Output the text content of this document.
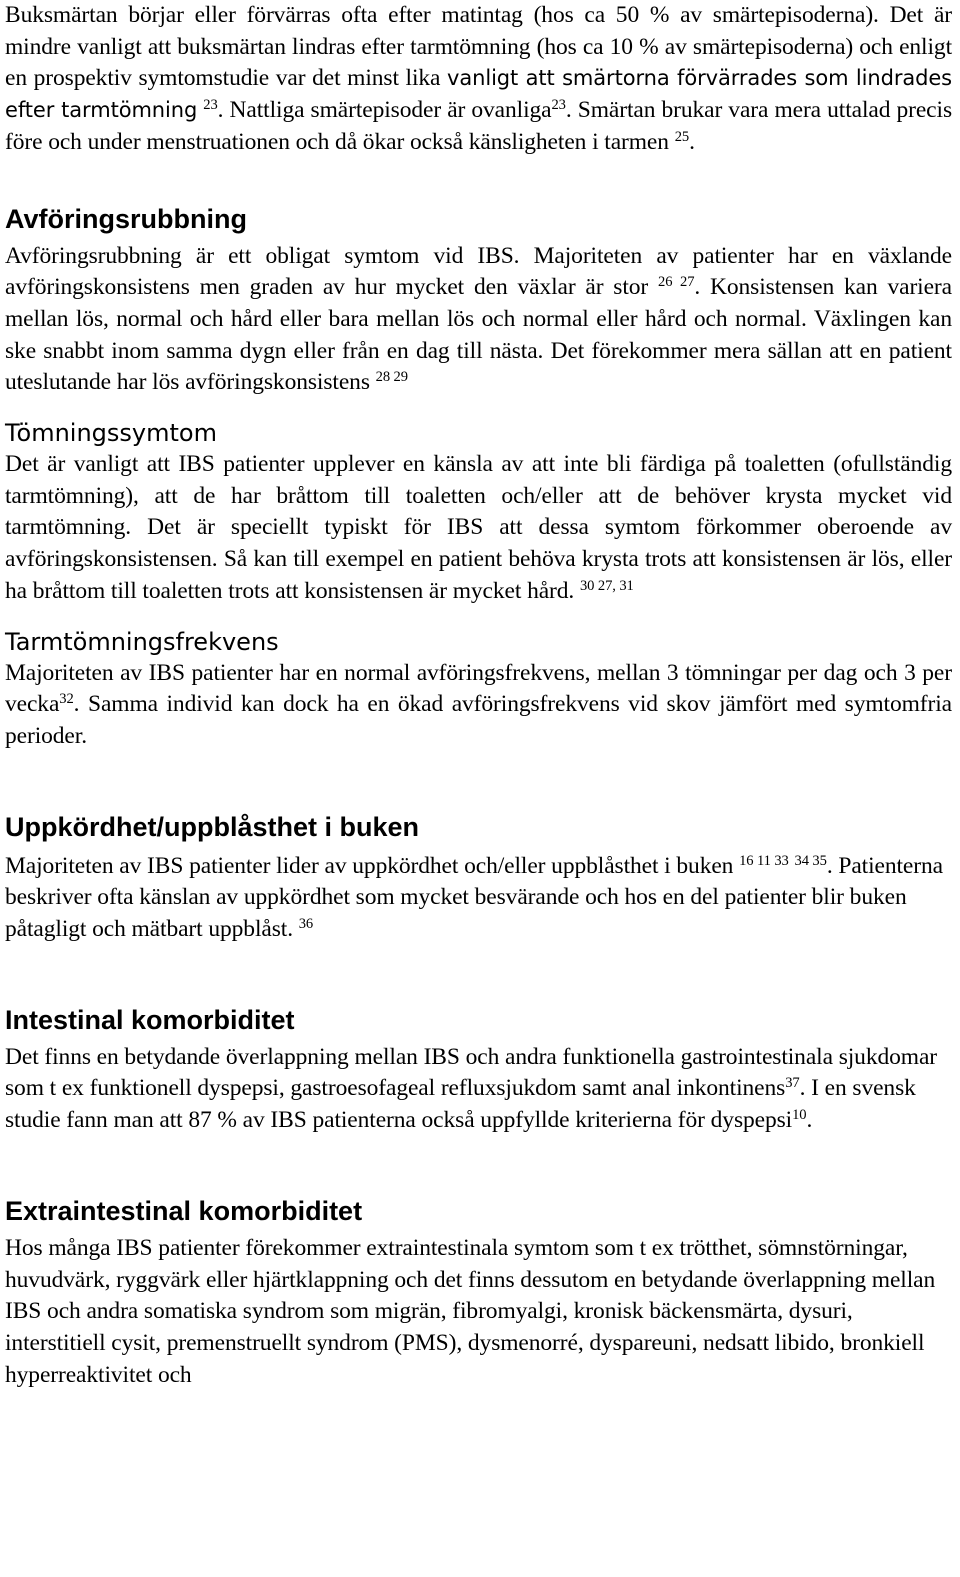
Buksmärtan börjar eller förvärras ofta efter matintag (hos ca 50 % av smärtepisoderna). Det är mindre vanligt att buksmärtan lindras efter tarmtömning (hos ca 10 % av smärtepisoderna) och enligt en prospektiv symtomstudie var det minst lika vanligt att smärtorna förvärrades som lindrades efter tarmtömning $^{23}$. Nattliga smärtepisoder är ovanliga$^{23}$. Smärtan brukar vara mera uttalad precis före och under menstruationen och då ökar också känsligheten i tarmen $^{25}$.

Avföringsrubbning

Avföringsrubbning är ett obligat symtom vid IBS. Majoriteten av patienter har en växlande avföringskonsistens men graden av hur mycket den växlar är stor $^{26 27}$. Konsistensen kan variera mellan lös, normal och hård eller bara mellan lös och normal eller hård och normal. Växlingen kan ske snabbt inom samma dygn eller från en dag till nästa. Det förekommer mera sällan att en patient uteslutande har lös avföringskonsistens $^{28 29}$

Tömningssymtom

Det är vanligt att IBS patienter upplever en känsla av att inte bli färdiga på toaletten (ofullständig tarmtömning), att de har bråttom till toaletten och/eller att de behöver krysta mycket vid tarmtömning. Det är speciellt typiskt för IBS att dessa symtom förkommer oberoende av avföringskonsistensen. Så kan till exempel en patient behöva krysta trots att konsistensen är lös, eller ha bråttom till toaletten trots att konsistensen är mycket hård. $^{30 27, 31}$

Tarmtömningsfrekvens

Majoriteten av IBS patienter har en normal avföringsfrekvens, mellan 3 tömningar per dag och 3 per vecka$^{32}$. Samma individ kan dock ha en ökad avföringsfrekvens vid skov jämfört med symtomfria perioder.

Uppkördhet/uppblåsthet i buken

Majoriteten av IBS patienter lider av uppkördhet och/eller uppblåsthet i buken $^{16 11 33}$ $^{34 35}$. Patienterna beskriver ofta känslan av uppkördhet som mycket besvärande och hos en del patienter blir buken påtagligt och mätbart uppblåst. $^{36}$

Intestinal komorbiditet

Det finns en betydande överlappning mellan IBS och andra funktionella gastrointestinala sjukdomar som t ex funktionell dyspepsi, gastroesofageal refluxsjukdom samt anal inkontinens$^{37}$. I en svensk studie fann man att 87 % av IBS patienterna också uppfyllde kriterierna för dyspepsi$^{10}$.

Extraintestinal komorbiditet

Hos många IBS patienter förekommer extraintestinala symtom som t ex trötthet, sömnstörningar, huvudvärk, ryggvärk eller hjärtklappning och det finns dessutom en betydande överlappning mellan IBS och andra somatiska syndrom som migrän, fibromyalgi, kronisk bäckensmärta, dysuri, interstitiell cysit, premenstruellt syndrom (PMS), dysmenorré, dyspareuni, nedsatt libido, bronkiell hyperreaktivitet och
